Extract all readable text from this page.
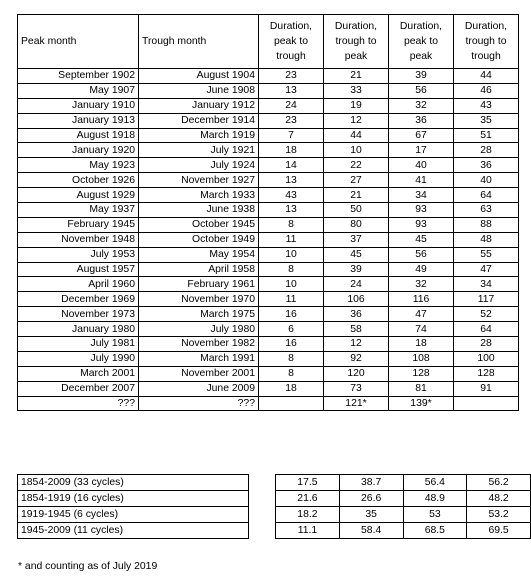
Peak month	Trough month	Duration,
peak to
trough	Duration,
trough to
peak	Duration,
peak to
peak	Duration,
trough to
trough
September 1902	August 1904	23	21	39	44
May 1907	June 1908	13	33	56	46
January 1910	January 1912	24	19	32	43
January 1913	December 1914	23	12	36	35
August 1918	March 1919	7	44	67	51
January 1920	July 1921	18	10	17	28
May 1923	July 1924	14	22	40	36
October 1926	November 1927	13	27	41	40
August 1929	March 1933	43	21	34	64
May 1937	June 1938	13	50	93	63
February 1945	October 1945	8	80	93	88
November 1948	October 1949	11	37	45	48
July 1953	May 1954	10	45	56	55
August 1957	April 1958	8	39	49	47
April 1960	February 1961	10	24	32	34
December 1969	November 1970	11	106	116	117
November 1973	March 1975	16	36	47	52
January 1980	July 1980	6	58	74	64
July 1981	November 1982	16	12	18	28
July 1990	March 1991	8	92	108	100
March 2001	November 2001	8	120	128	128
December 2007	June 2009	18	73	81	91
???	???		121*	139*	
1854-2009 (33 cycles)		17.5	38.7	56.4	56.2
1854-1919 (16 cycles)		21.6	26.6	48.9	48.2
1919-1945 (6 cycles)		18.2	35	53	53.2
1945-2009 (11 cycles)		11.1	58.4	68.5	69.5
* and counting as of July 2019
